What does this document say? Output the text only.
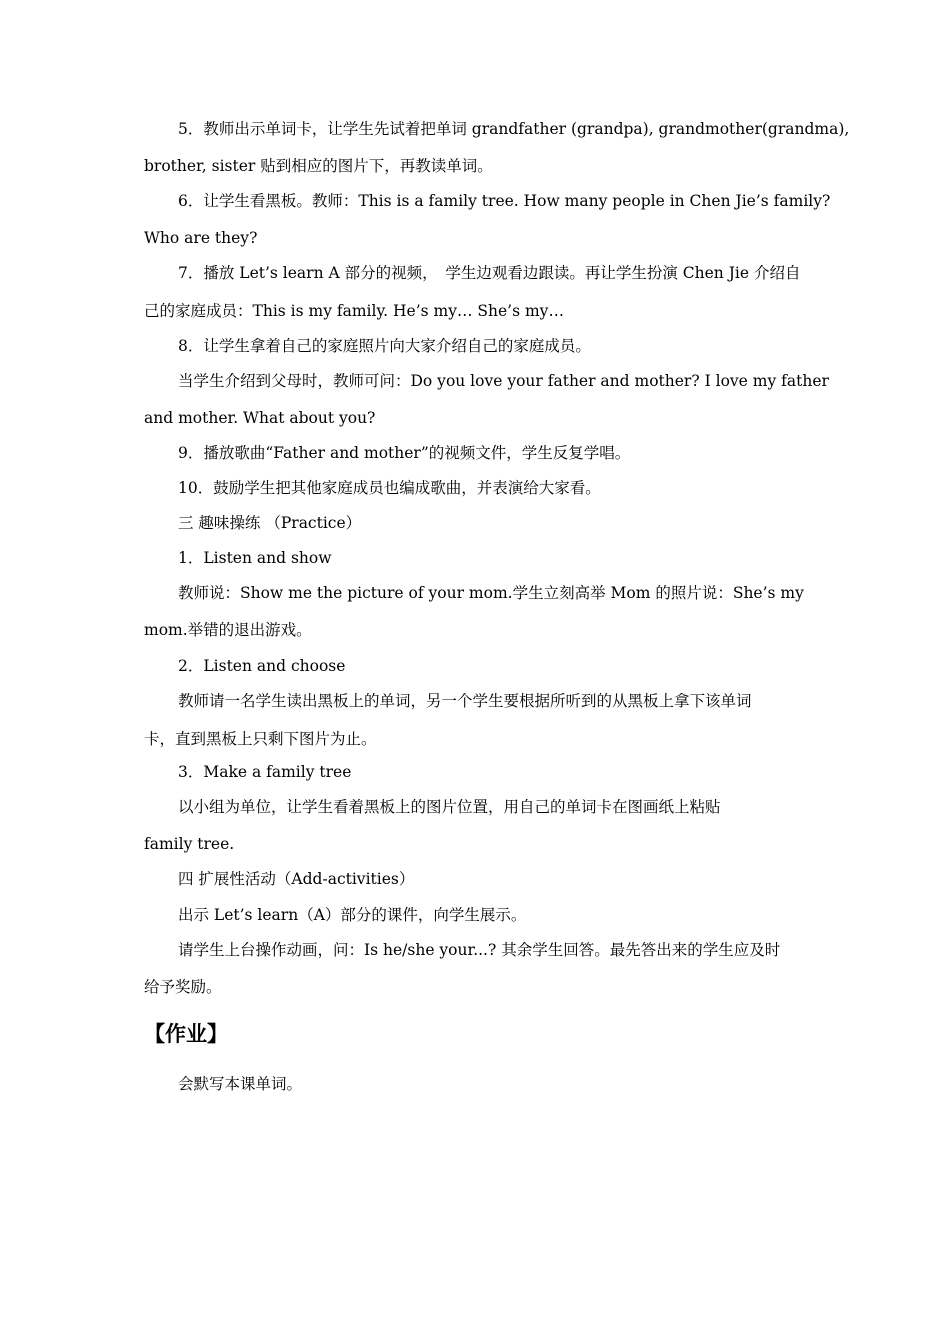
5．教师出示单词卡，让学生先试着把单词 grandfather (grandpa), grandmother(grandma),
brother, sister 贴到相应的图片下，再教读单词。
6．让学生看黑板。教师：This is a family tree. How many people in Chen Jie’s family?
Who are they?
7．播放 Let’s learn A 部分的视频，　学生边观看边跟读。再让学生扮演 Chen Jie 介绍自
己的家庭成员：This is my family. He’s my… She’s my…
8．让学生拿着自己的家庭照片向大家介绍自己的家庭成员。
当学生介绍到父母时，教师可问：Do you love your father and mother? I love my father
and mother. What about you?
9．播放歌曲“Father and mother”的视频文件，学生反复学唱。
10．鼓励学生把其他家庭成员也编成歌曲，并表演给大家看。
三 趣味操练 （Practice）
1．Listen and show
教师说：Show me the picture of your mom.学生立刻高举 Mom 的照片说：She’s my
mom.举错的退出游戏。
2．Listen and choose
教师请一名学生读出黑板上的单词，另一个学生要根据所听到的从黑板上拿下该单词
卡，直到黑板上只剩下图片为止。
3．Make a family tree
以小组为单位，让学生看着黑板上的图片位置，用自己的单词卡在图画纸上粘贴
family tree.
四 扩展性活动（Add-activities）
出示 Let’s learn（A）部分的课件，向学生展示。
请学生上台操作动画，问：Is he/she your...? 其余学生回答。最先答出来的学生应及时
给予奖励。
【作业】
会默写本课单词。
